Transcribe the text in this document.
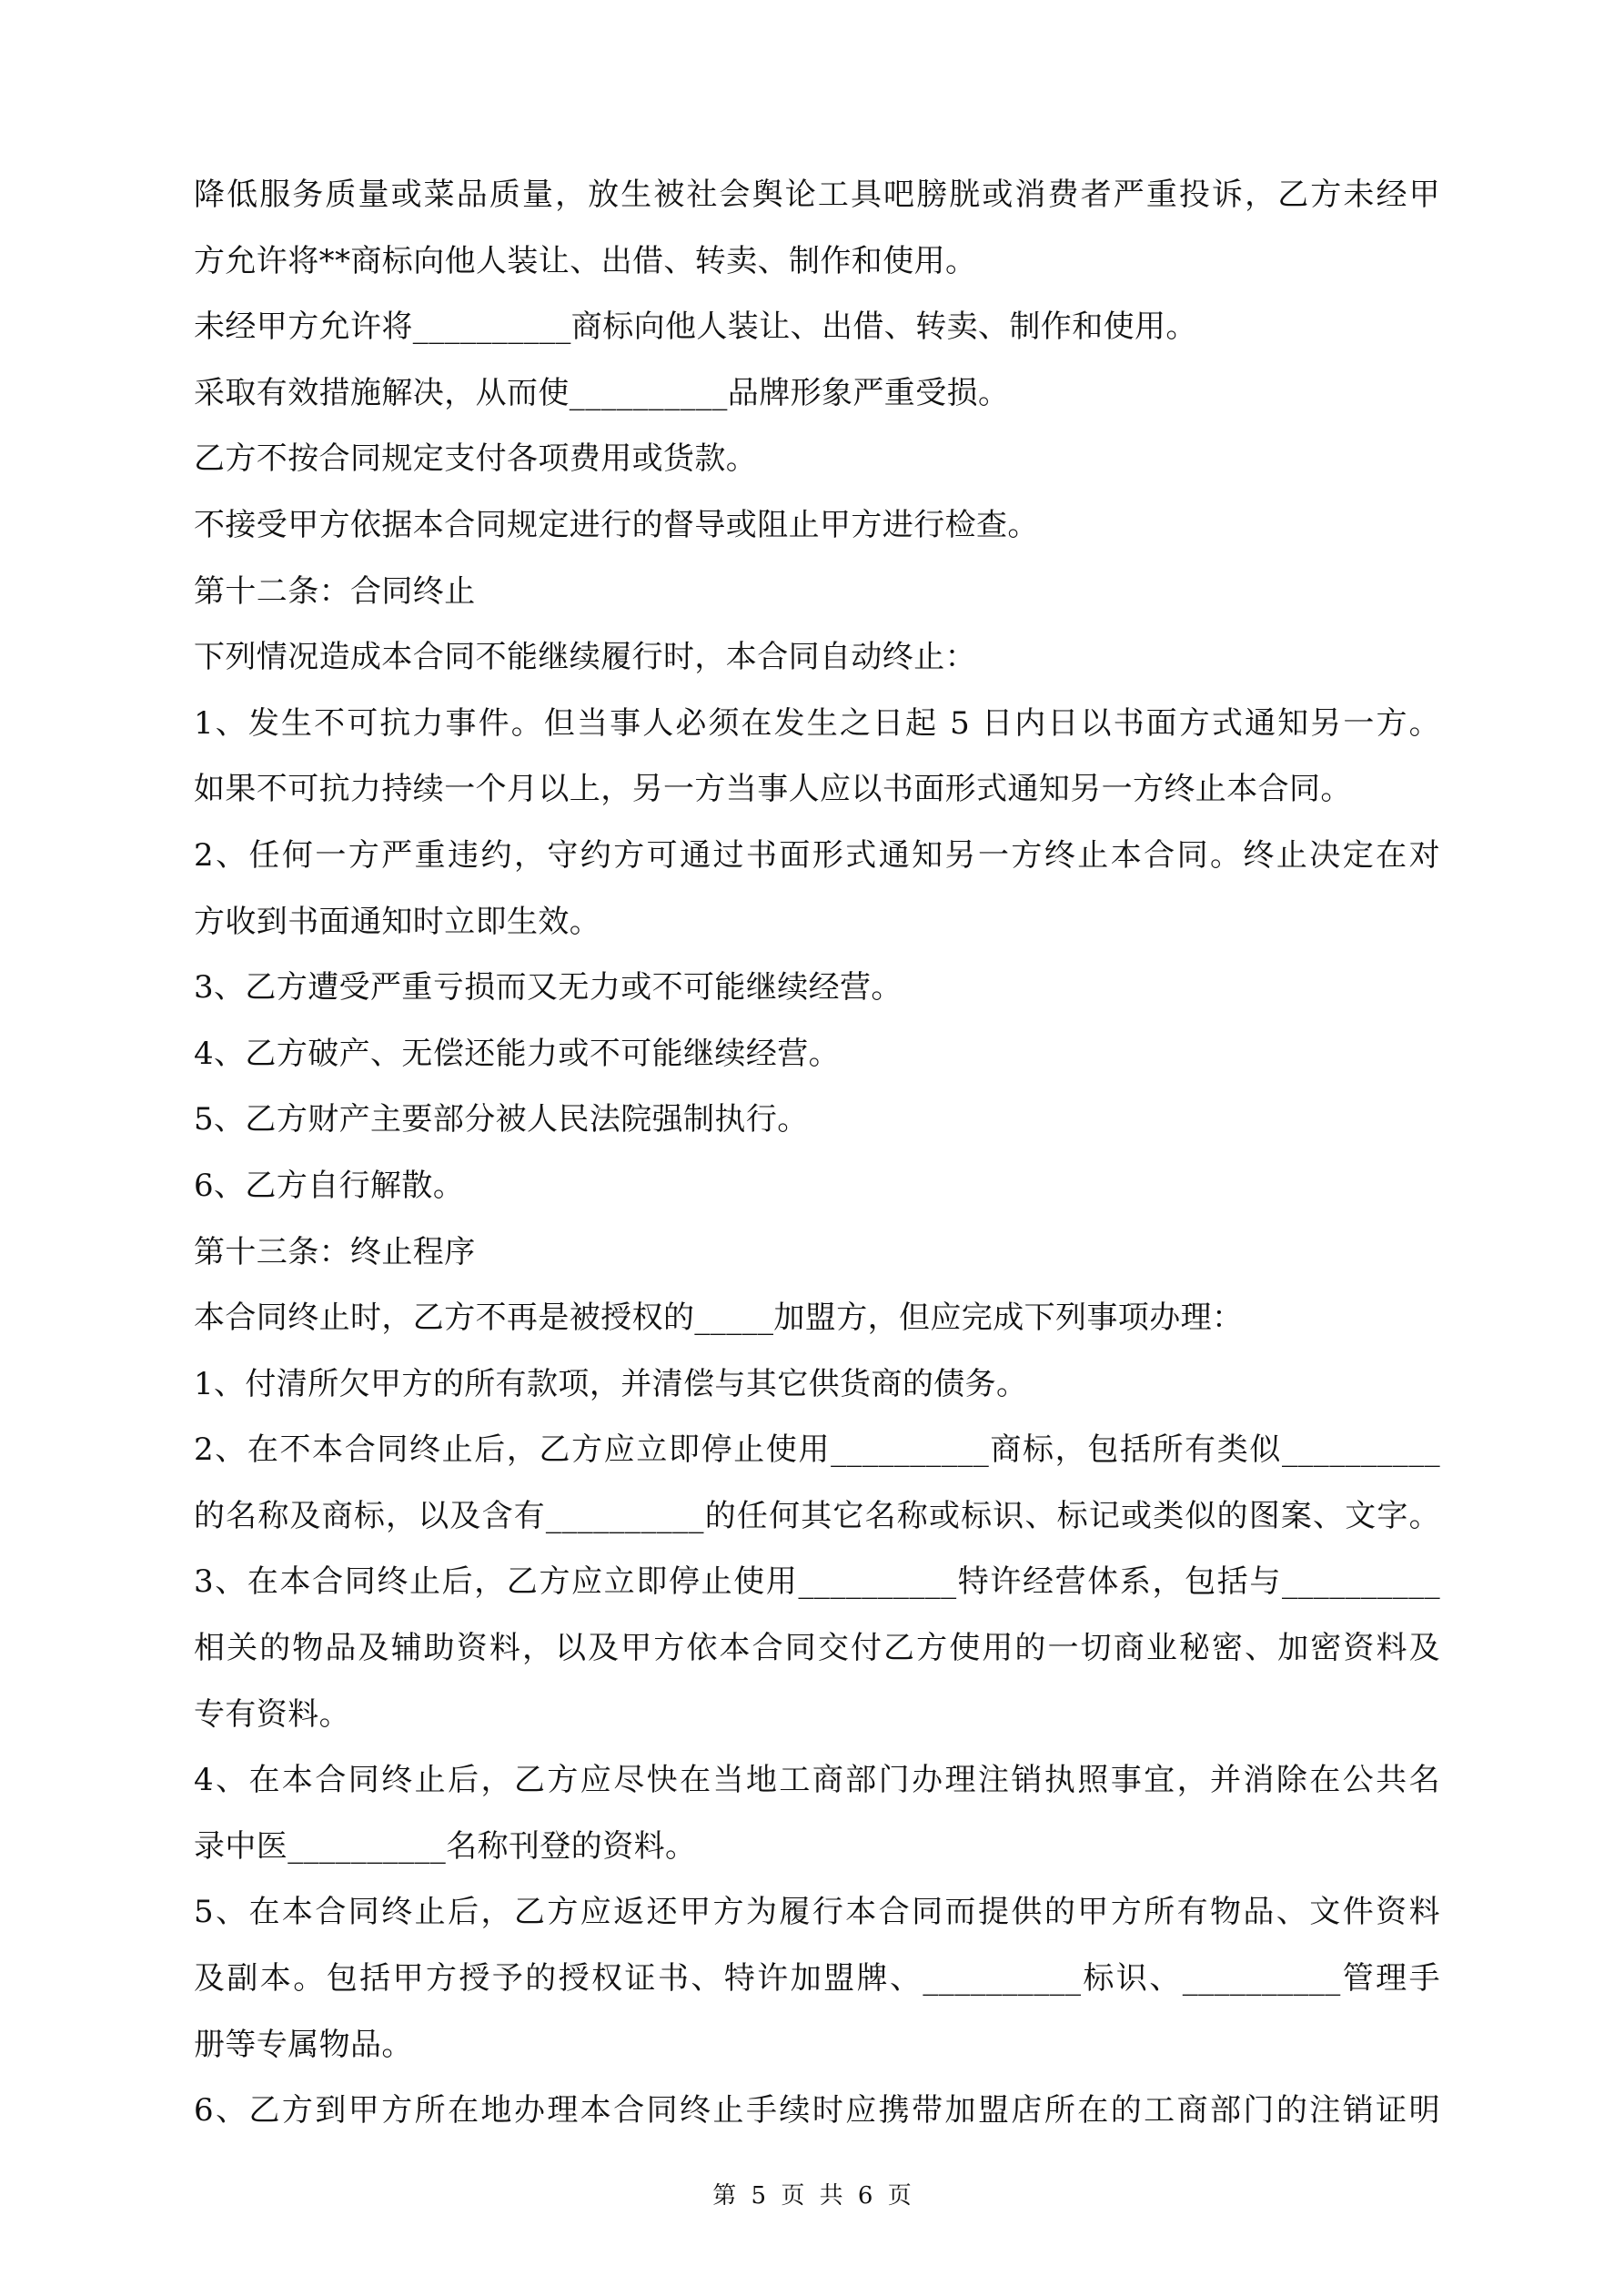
降低服务质量或菜品质量，放生被社会舆论工具吧膀胱或消费者严重投诉，乙方未经甲
方允许将**商标向他人装让、出借、转卖、制作和使用。
未经甲方允许将__________商标向他人装让、出借、转卖、制作和使用。
采取有效措施解决，从而使__________品牌形象严重受损。
乙方不按合同规定支付各项费用或货款。
不接受甲方依据本合同规定进行的督导或阻止甲方进行检查。
第十二条：合同终止
下列情况造成本合同不能继续履行时，本合同自动终止：
1、发生不可抗力事件。但当事人必须在发生之日起 5 日内日以书面方式通知另一方。
如果不可抗力持续一个月以上，另一方当事人应以书面形式通知另一方终止本合同。
2、任何一方严重违约，守约方可通过书面形式通知另一方终止本合同。终止决定在对
方收到书面通知时立即生效。
3、乙方遭受严重亏损而又无力或不可能继续经营。
4、乙方破产、无偿还能力或不可能继续经营。
5、乙方财产主要部分被人民法院强制执行。
6、乙方自行解散。
第十三条：终止程序
本合同终止时，乙方不再是被授权的_____加盟方，但应完成下列事项办理：
1、付清所欠甲方的所有款项，并清偿与其它供货商的债务。
2、在不本合同终止后，乙方应立即停止使用__________商标，包括所有类似__________
的名称及商标，以及含有__________的任何其它名称或标识、标记或类似的图案、文字。
3、在本合同终止后，乙方应立即停止使用__________特许经营体系，包括与__________
相关的物品及辅助资料，以及甲方依本合同交付乙方使用的一切商业秘密、加密资料及
专有资料。
4、在本合同终止后，乙方应尽快在当地工商部门办理注销执照事宜，并消除在公共名
录中医__________名称刊登的资料。
5、在本合同终止后，乙方应返还甲方为履行本合同而提供的甲方所有物品、文件资料
及副本。包括甲方授予的授权证书、特许加盟牌、__________标识、__________管理手
册等专属物品。
6、乙方到甲方所在地办理本合同终止手续时应携带加盟店所在的工商部门的注销证明
第 5 页 共 6 页
